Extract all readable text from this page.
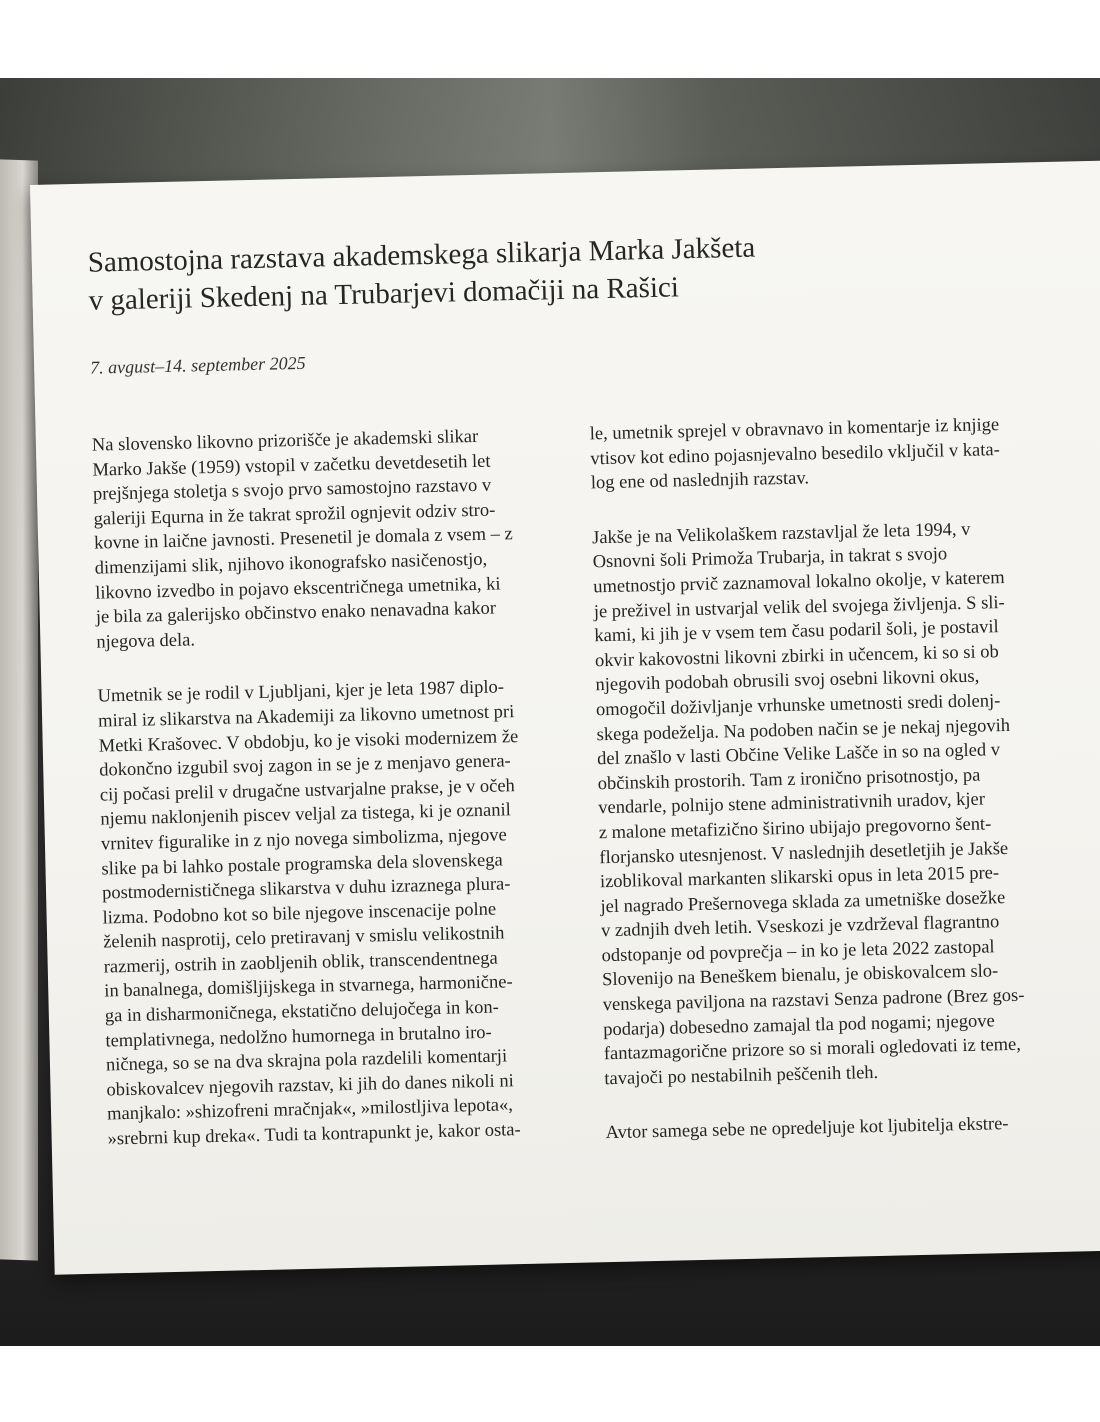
Samostojna razstava akademskega slikarja Marka Jakšeta
v galeriji Skedenj na Trubarjevi domačiji na Rašici
7. avgust–14. september 2025

Na slovensko likovno prizorišče je akademski slikar
Marko Jakše (1959) vstopil v začetku devetdesetih let
prejšnjega stoletja s svojo prvo samostojno razstavo v
galeriji Equrna in že takrat sprožil ognjevit odziv stro-
kovne in laične javnosti. Presenetil je domala z vsem – z
dimenzijami slik, njihovo ikonografsko nasičenostjo,
likovno izvedbo in pojavo ekscentričnega umetnika, ki
je bila za galerijsko občinstvo enako nenavadna kakor
njegova dela.

Umetnik se je rodil v Ljubljani, kjer je leta 1987 diplo-
miral iz slikarstva na Akademiji za likovno umetnost pri
Metki Krašovec. V obdobju, ko je visoki modernizem že
dokončno izgubil svoj zagon in se je z menjavo genera-
cij počasi prelil v drugačne ustvarjalne prakse, je v očeh
njemu naklonjenih piscev veljal za tistega, ki je oznanil
vrnitev figuralike in z njo novega simbolizma, njegove
slike pa bi lahko postale programska dela slovenskega
postmodernističnega slikarstva v duhu izraznega plura-
lizma. Podobno kot so bile njegove inscenacije polne
želenih nasprotij, celo pretiravanj v smislu velikostnih
razmerij, ostrih in zaobljenih oblik, transcendentnega
in banalnega, domišljijskega in stvarnega, harmonične-
ga in disharmoničnega, ekstatično delujočega in kon-
templativnega, nedolžno humornega in brutalno iro-
ničnega, so se na dva skrajna pola razdelili komentarji
obiskovalcev njegovih razstav, ki jih do danes nikoli ni
manjkalo: »shizofreni mračnjak«, »milostljiva lepota«,
»srebrni kup dreka«. Tudi ta kontrapunkt je, kakor osta-

le, umetnik sprejel v obravnavo in komentarje iz knjige
vtisov kot edino pojasnjevalno besedilo vključil v kata-
log ene od naslednjih razstav.

Jakše je na Velikolaškem razstavljal že leta 1994, v
Osnovni šoli Primoža Trubarja, in takrat s svojo
umetnostjo prvič zaznamoval lokalno okolje, v katerem
je preživel in ustvarjal velik del svojega življenja. S sli-
kami, ki jih je v vsem tem času podaril šoli, je postavil
okvir kakovostni likovni zbirki in učencem, ki so si ob
njegovih podobah obrusili svoj osebni likovni okus,
omogočil doživljanje vrhunske umetnosti sredi dolenj-
skega podeželja. Na podoben način se je nekaj njegovih
del znašlo v lasti Občine Velike Lašče in so na ogled v
občinskih prostorih. Tam z ironično prisotnostjo, pa
vendarle, polnijo stene administrativnih uradov, kjer
z malone metafizično širino ubijajo pregovorno šent-
florjansko utesnjenost. V naslednjih desetletjih je Jakše
izoblikoval markanten slikarski opus in leta 2015 pre-
jel nagrado Prešernovega sklada za umetniške dosežke
v zadnjih dveh letih. Vseskozi je vzdrževal flagrantno
odstopanje od povprečja – in ko je leta 2022 zastopal
Slovenijo na Beneškem bienalu, je obiskovalcem slo-
venskega paviljona na razstavi Senza padrone (Brez gos-
podarja) dobesedno zamajal tla pod nogami; njegove
fantazmagorične prizore so si morali ogledovati iz teme,
tavajoči po nestabilnih peščenih tleh.

Avtor samega sebe ne opredeljuje kot ljubitelja ekstre-
